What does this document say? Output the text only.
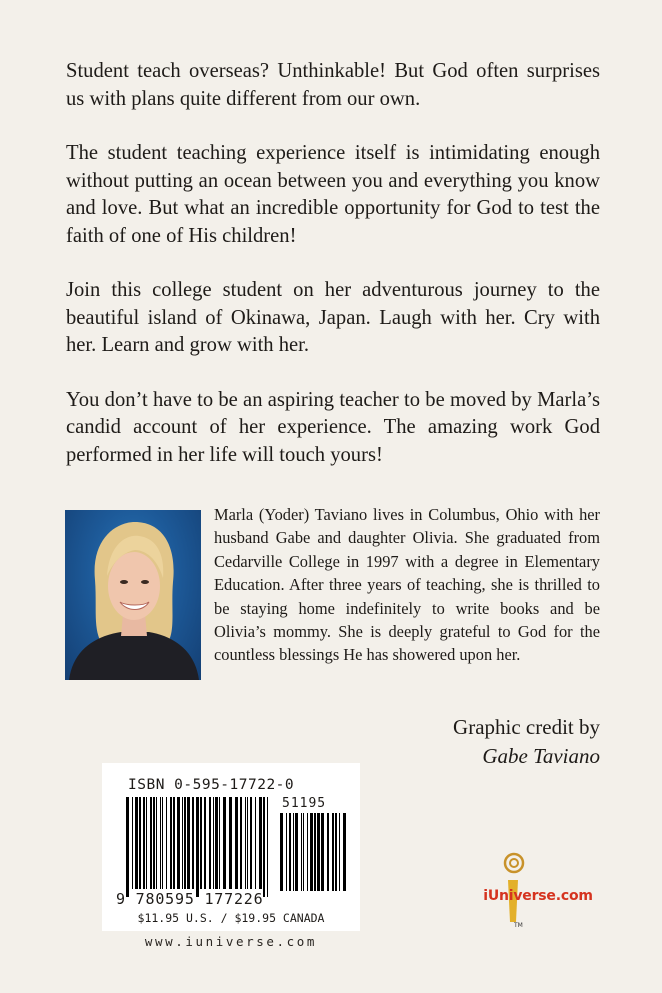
Student teach overseas? Unthinkable! But God often surprises us with plans quite different from our own.

The student teaching experience itself is intimidating enough without putting an ocean between you and everything you know and love. But what an incredible opportunity for God to test the faith of one of His children!

Join this college student on her adventurous journey to the beautiful island of Okinawa, Japan. Laugh with her. Cry with her. Learn and grow with her.

You don’t have to be an aspiring teacher to be moved by Marla’s candid account of her experience. The amazing work God performed in her life will touch yours!

Marla (Yoder) Taviano lives in Columbus, Ohio with her husband Gabe and daughter Olivia. She graduated from Cedarville College in 1997 with a degree in Elementary Education. After three years of teaching, she is thrilled to be staying home indefinitely to write books and be Olivia’s mommy. She is deeply grateful to God for the countless blessings He has showered upon her.
Graphic credit by
Gabe Taviano
ISBN 0-595-17722-0
51195
9 780595 177226
$11.95 U.S. / $19.95 CANADA
www.iuniverse.com
iUniverse.com
TM
